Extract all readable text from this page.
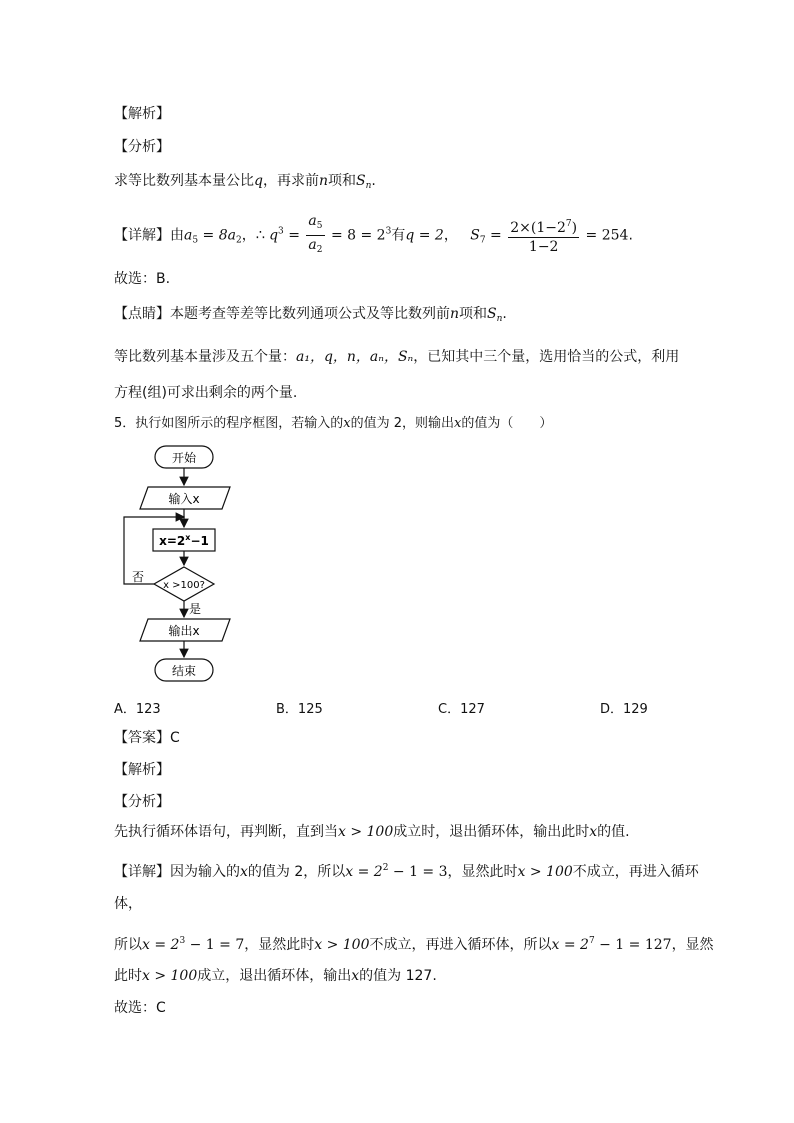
【解析】
【分析】
求等比数列基本量公比q，再求前n项和$S_n$.
【详解】由$a_5 = 8a_2$，∴ $q^3 = \frac{a_5}{a_2} = 8 = 2^3$有q = 2， $S_7 = \frac{2\times(1-2^7)}{1-2} = 254$.
故选：B.
【点睛】本题考查等差等比数列通项公式及等比数列前n项和$S_n$.
等比数列基本量涉及五个量：a₁，q，n，aₙ，Sₙ，已知其中三个量，选用恰当的公式，利用
方程(组)可求出剩余的两个量.
5．执行如图所示的程序框图，若输入的x的值为 2，则输出x的值为（　　）
开始
输入x
$x=2^x-1$
x >100?
否
是
输出x
结束
A．123	B．125	C．127	D．129
【答案】C
【解析】
【分析】
先执行循环体语句，再判断，直到当x > 100成立时，退出循环体，输出此时x的值.
【详解】因为输入的x的值为 2，所以$x = 2^2 - 1 = 3$，显然此时x > 100不成立，再进入循环
体，
所以$x = 2^3 - 1 = 7$，显然此时x > 100不成立，再进入循环体，所以$x = 2^7 - 1 = 127$，显然
此时x > 100成立，退出循环体，输出x的值为 127.
故选：C
